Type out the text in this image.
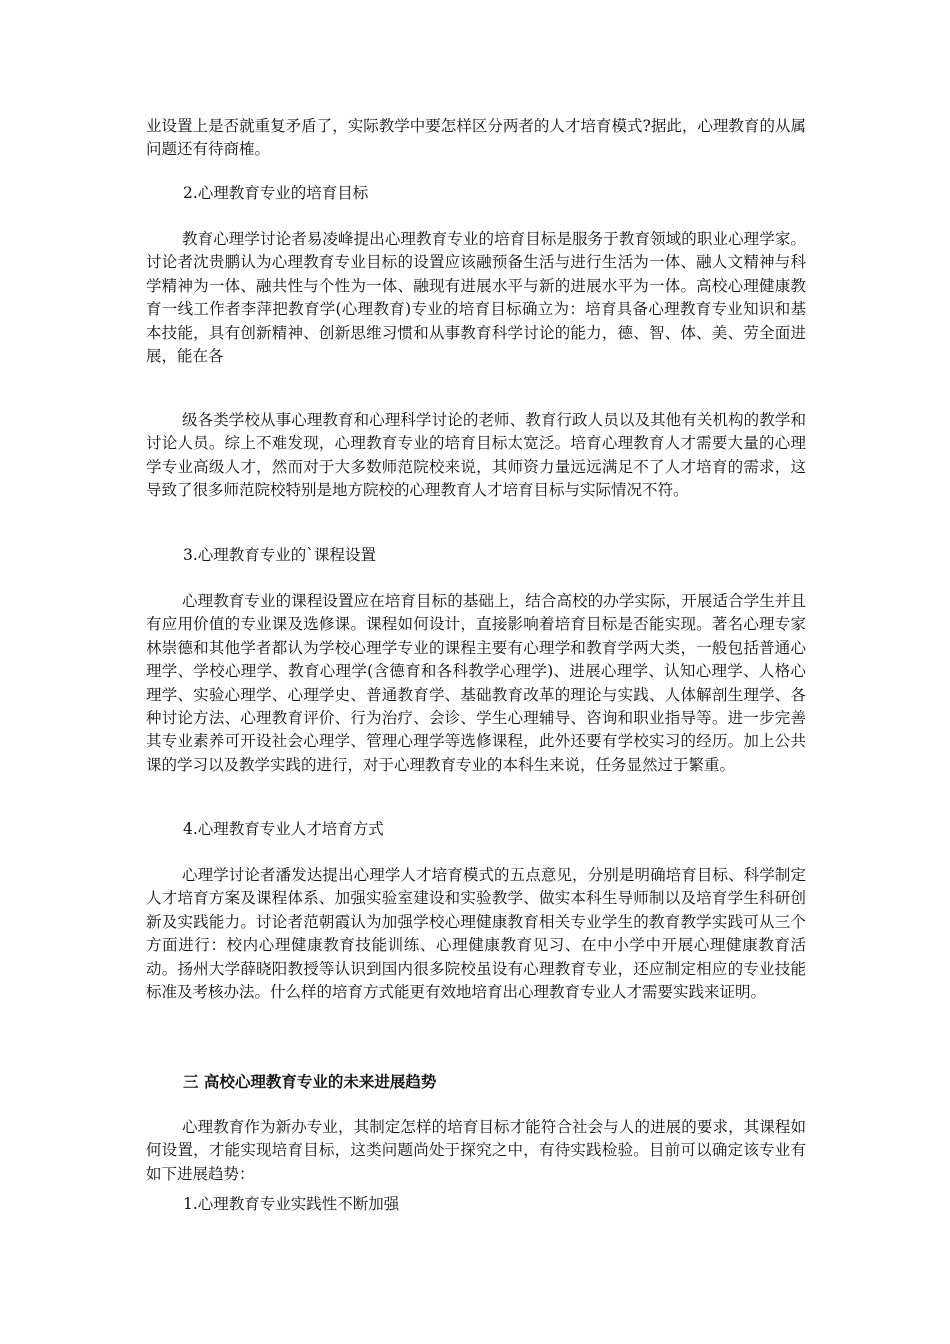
业设置上是否就重复矛盾了，实际教学中要怎样区分两者的人才培育模式?据此，心理教育的从属问题还有待商榷。

2.心理教育专业的培育目标

教育心理学讨论者易凌峰提出心理教育专业的培育目标是服务于教育领域的职业心理学家。讨论者沈贵鹏认为心理教育专业目标的设置应该融预备生活与进行生活为一体、融人文精神与科学精神为一体、融共性与个性为一体、融现有进展水平与新的进展水平为一体。高校心理健康教育一线工作者李萍把教育学(心理教育)专业的培育目标确立为：培育具备心理教育专业知识和基本技能，具有创新精神、创新思维习惯和从事教育科学讨论的能力，德、智、体、美、劳全面进展，能在各

级各类学校从事心理教育和心理科学讨论的老师、教育行政人员以及其他有关机构的教学和讨论人员。综上不难发现，心理教育专业的培育目标太宽泛。培育心理教育人才需要大量的心理学专业高级人才，然而对于大多数师范院校来说，其师资力量远远满足不了人才培育的需求，这导致了很多师范院校特别是地方院校的心理教育人才培育目标与实际情况不符。

3.心理教育专业的`课程设置

心理教育专业的课程设置应在培育目标的基础上，结合高校的办学实际，开展适合学生并且有应用价值的专业课及选修课。课程如何设计，直接影响着培育目标是否能实现。著名心理专家林崇德和其他学者都认为学校心理学专业的课程主要有心理学和教育学两大类，一般包括普通心理学、学校心理学、教育心理学(含德育和各科教学心理学)、进展心理学、认知心理学、人格心理学、实验心理学、心理学史、普通教育学、基础教育改革的理论与实践、人体解剖生理学、各种讨论方法、心理教育评价、行为治疗、会诊、学生心理辅导、咨询和职业指导等。进一步完善其专业素养可开设社会心理学、管理心理学等选修课程，此外还要有学校实习的经历。加上公共课的学习以及教学实践的进行，对于心理教育专业的本科生来说，任务显然过于繁重。

4.心理教育专业人才培育方式

心理学讨论者潘发达提出心理学人才培育模式的五点意见，分别是明确培育目标、科学制定人才培育方案及课程体系、加强实验室建设和实验教学、做实本科生导师制以及培育学生科研创新及实践能力。讨论者范朝霞认为加强学校心理健康教育相关专业学生的教育教学实践可从三个方面进行：校内心理健康教育技能训练、心理健康教育见习、在中小学中开展心理健康教育活动。扬州大学薛晓阳教授等认识到国内很多院校虽设有心理教育专业，还应制定相应的专业技能标准及考核办法。什么样的培育方式能更有效地培育出心理教育专业人才需要实践来证明。

三 高校心理教育专业的未来进展趋势

心理教育作为新办专业，其制定怎样的培育目标才能符合社会与人的进展的要求，其课程如何设置，才能实现培育目标，这类问题尚处于探究之中，有待实践检验。目前可以确定该专业有如下进展趋势：

1.心理教育专业实践性不断加强
